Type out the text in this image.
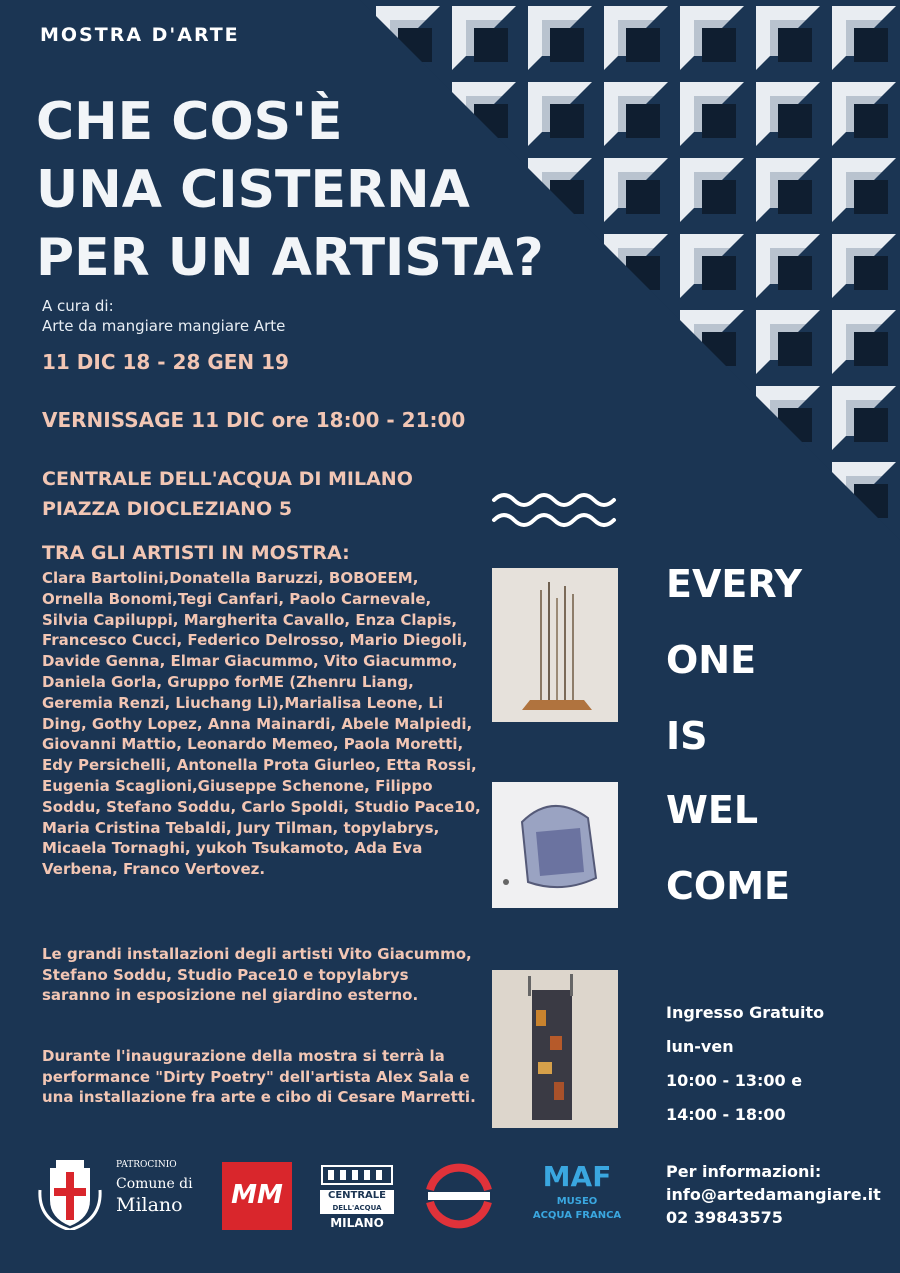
MOSTRA D'ARTE
CHE COS'È
UNA CISTERNA
PER UN ARTISTA?
A cura di:
Arte da mangiare mangiare Arte
11 DIC 18 - 28 GEN 19
VERNISSAGE 11 DIC ore 18:00 - 21:00
CENTRALE DELL'ACQUA DI MILANO
PIAZZA DIOCLEZIANO 5
TRA GLI ARTISTI IN MOSTRA:
Clara Bartolini,Donatella Baruzzi, BOBOEEM, Ornella Bonomi,Tegi Canfari, Paolo Carnevale, Silvia Capiluppi, Margherita Cavallo, Enza Clapis, Francesco Cucci, Federico Delrosso, Mario Diegoli, Davide Genna, Elmar Giacummo, Vito Giacummo, Daniela Gorla, Gruppo forME (Zhenru Liang, Geremia Renzi, Liuchang Li),Marialisa Leone, Li Ding, Gothy Lopez, Anna Mainardi, Abele Malpiedi, Giovanni Mattio, Leonardo Memeo, Paola Moretti, Edy Persichelli, Antonella Prota Giurleo, Etta Rossi, Eugenia Scaglioni,Giuseppe Schenone, Filippo Soddu, Stefano Soddu, Carlo Spoldi, Studio Pace10, Maria Cristina Tebaldi, Jury Tilman, topylabrys, Micaela Tornaghi, yukoh Tsukamoto, Ada Eva Verbena, Franco Vertovez.
Le grandi installazioni degli artisti Vito Giacummo, Stefano Soddu, Studio Pace10 e topylabrys saranno in esposizione nel giardino esterno.
Durante l'inaugurazione della mostra si terrà la performance "Dirty Poetry" dell'artista Alex Sala e una installazione fra arte e cibo di Cesare Marretti.
EVERY
ONE
IS
WEL
COME
Ingresso Gratuito
lun-ven
10:00 - 13:00 e
14:00 - 18:00
PATROCINIO
Comune di
Milano	MM	CENTRALE
DELL'ACQUA
MILANO
MAF
MUSEO
ACQUA FRANCA
Per informazioni:
info@artedamangiare.it
02 39843575
